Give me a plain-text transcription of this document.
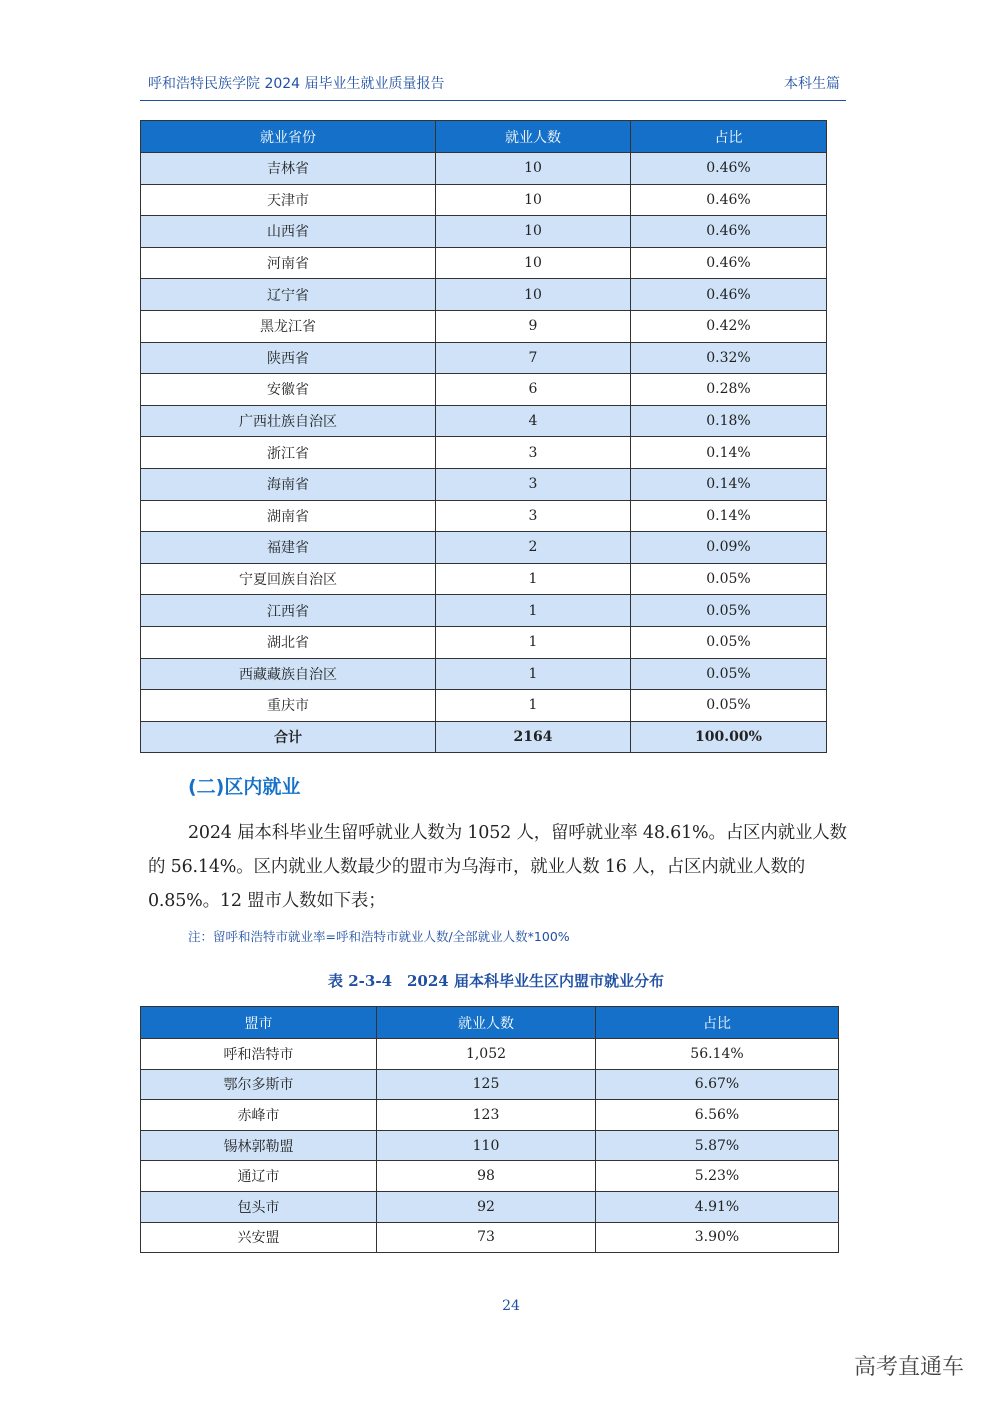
呼和浩特民族学院 2024 届毕业生就业质量报告	本科生篇
就业省份	就业人数	占比
吉林省	10	0.46%
天津市	10	0.46%
山西省	10	0.46%
河南省	10	0.46%
辽宁省	10	0.46%
黑龙江省	9	0.42%
陕西省	7	0.32%
安徽省	6	0.28%
广西壮族自治区	4	0.18%
浙江省	3	0.14%
海南省	3	0.14%
湖南省	3	0.14%
福建省	2	0.09%
宁夏回族自治区	1	0.05%
江西省	1	0.05%
湖北省	1	0.05%
西藏藏族自治区	1	0.05%
重庆市	1	0.05%
合计	2164	100.00%
(二)区内就业
2024 届本科毕业生留呼就业人数为 1052 人，留呼就业率 48.61%。占区内就业人数的 56.14%。区内就业人数最少的盟市为乌海市，就业人数 16 人，占区内就业人数的 0.85%。12 盟市人数如下表；
注：留呼和浩特市就业率=呼和浩特市就业人数/全部就业人数*100%
表 2-3-4　2024 届本科毕业生区内盟市就业分布
盟市	就业人数	占比
呼和浩特市	1,052	56.14%
鄂尔多斯市	125	6.67%
赤峰市	123	6.56%
锡林郭勒盟	110	5.87%
通辽市	98	5.23%
包头市	92	4.91%
兴安盟	73	3.90%
24
高考直通车
